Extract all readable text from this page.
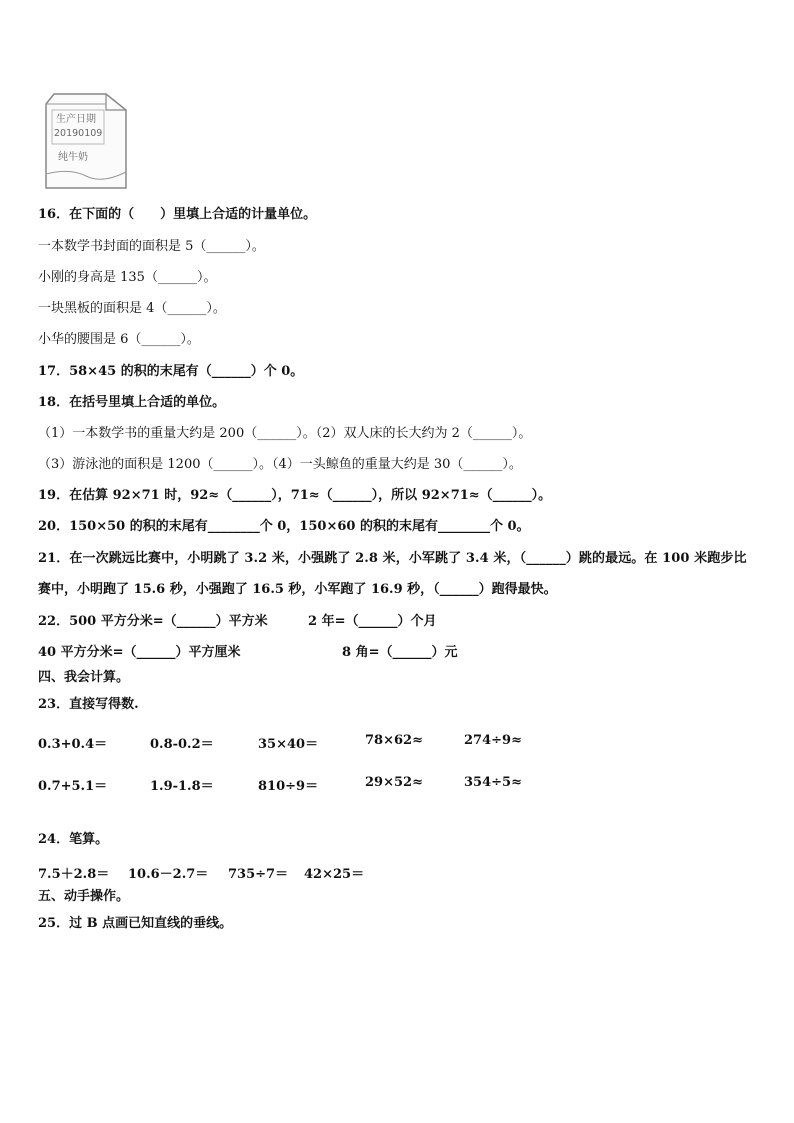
生产日期
20190109
纯牛奶
16．在下面的（　　）里填上合适的计量单位。
一本数学书封面的面积是 5（______）。
小刚的身高是 135（______）。
一块黑板的面积是 4（______）。
小华的腰围是 6（______）。
17．58×45 的积的末尾有（______）个 0。
18．在括号里填上合适的单位。
（1）一本数学书的重量大约是 200（______）。（2）双人床的长大约为 2（______）。
（3）游泳池的面积是 1200（______）。（4）一头鲸鱼的重量大约是 30（______）。
19．在估算 92×71 时，92≈（______），71≈（______），所以 92×71≈（______）。
20．150×50 的积的末尾有________个 0，150×60 的积的末尾有________个 0。
21．在一次跳远比赛中，小明跳了 3.2 米，小强跳了 2.8 米，小军跳了 3.4 米，（______）跳的最远。在 100 米跑步比
赛中，小明跑了 15.6 秒，小强跑了 16.5 秒，小军跑了 16.9 秒，（______）跑得最快。
22．500 平方分米=（______）平方米	2 年=（______）个月
40 平方分米=（______）平方厘米	8 角=（______）元
四、我会计算。
23．直接写得数.
0.3+0.4＝	0.8-0.2＝	35×40＝	78×62≈	274÷9≈
0.7+5.1＝	1.9-1.8＝	810÷9＝	29×52≈	354÷5≈
24．笔算。
7.5＋2.8＝ 10.6－2.7＝ 735÷7＝ 42×25＝
五、动手操作。
25．过 B 点画已知直线的垂线。
